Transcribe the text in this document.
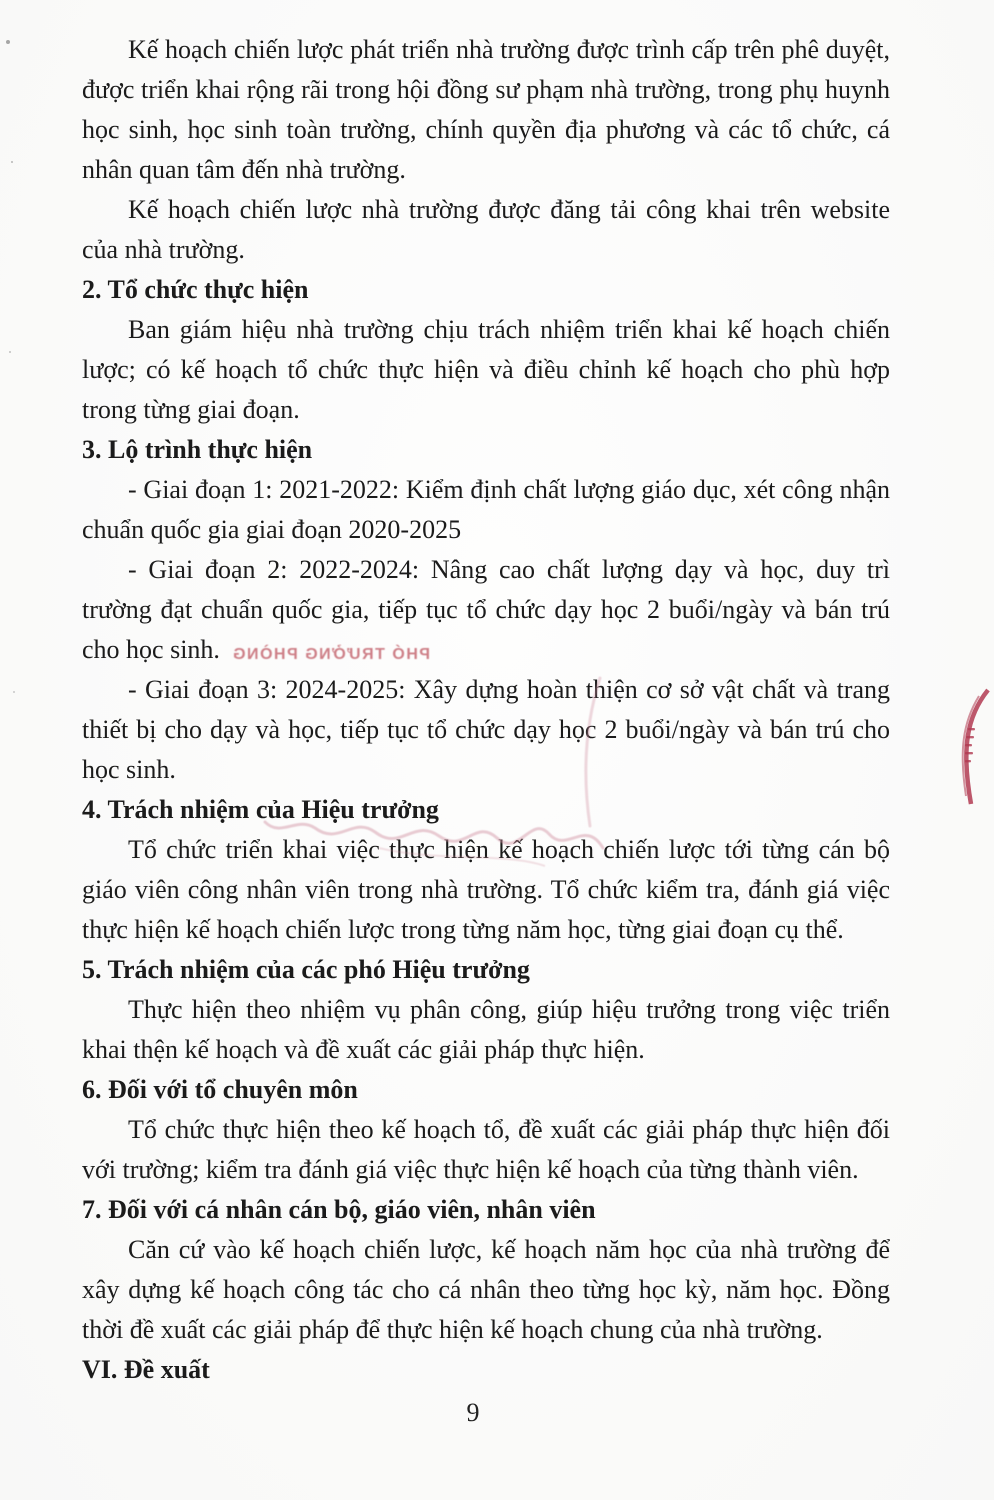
Kế hoạch chiến lược phát triển nhà trường được trình cấp trên phê duyệt, được triển khai rộng rãi trong hội đồng sư phạm nhà trường, trong phụ huynh học sinh, học sinh toàn trường, chính quyền địa phương và các tổ chức, cá nhân quan tâm đến nhà trường.

Kế hoạch chiến lược nhà trường được đăng tải công khai trên website của nhà trường.

2. Tổ chức thực hiện

Ban giám hiệu nhà trường chịu trách nhiệm triển khai kế hoạch chiến lược; có kế hoạch tổ chức thực hiện và điều chỉnh kế hoạch cho phù hợp trong từng giai đoạn.

3. Lộ trình thực hiện

- Giai đoạn 1: 2021-2022: Kiểm định chất lượng giáo dục, xét công nhận chuẩn quốc gia giai đoạn 2020-2025

- Giai đoạn 2: 2022-2024: Nâng cao chất lượng dạy và học, duy trì trường đạt chuẩn quốc gia, tiếp tục tổ chức dạy học 2 buổi/ngày và bán trú cho học sinh.

- Giai đoạn 3: 2024-2025: Xây dựng hoàn thiện cơ sở vật chất và trang thiết bị cho dạy và học, tiếp tục tổ chức dạy học 2 buổi/ngày và bán trú cho học sinh.

4. Trách nhiệm của Hiệu trưởng

Tổ chức triển khai việc thực hiện kế hoạch chiến lược tới từng cán bộ giáo viên công nhân viên trong nhà trường. Tổ chức kiểm tra, đánh giá việc thực hiện kế hoạch chiến lược trong từng năm học, từng giai đoạn cụ thể.

5. Trách nhiệm của các phó Hiệu trưởng

Thực hiện theo nhiệm vụ phân công, giúp hiệu trưởng trong việc triển khai thện kế hoạch và đề xuất các giải pháp thực hiện.

6. Đối với tổ chuyên môn

Tổ chức thực hiện theo kế hoạch tổ, đề xuất các giải pháp thực hiện đối với trường; kiểm tra đánh giá việc thực hiện kế hoạch của từng thành viên.

7. Đối với cá nhân cán bộ, giáo viên, nhân viên

Căn cứ vào kế hoạch chiến lược, kế hoạch năm học của nhà trường để xây dựng kế hoạch công tác cho cá nhân theo từng học kỳ, năm học. Đồng thời đề xuất các giải pháp để thực hiện kế hoạch chung của nhà trường.

VI. Đề xuất
PHÓ TRƯỞNG PHÒNG
9
